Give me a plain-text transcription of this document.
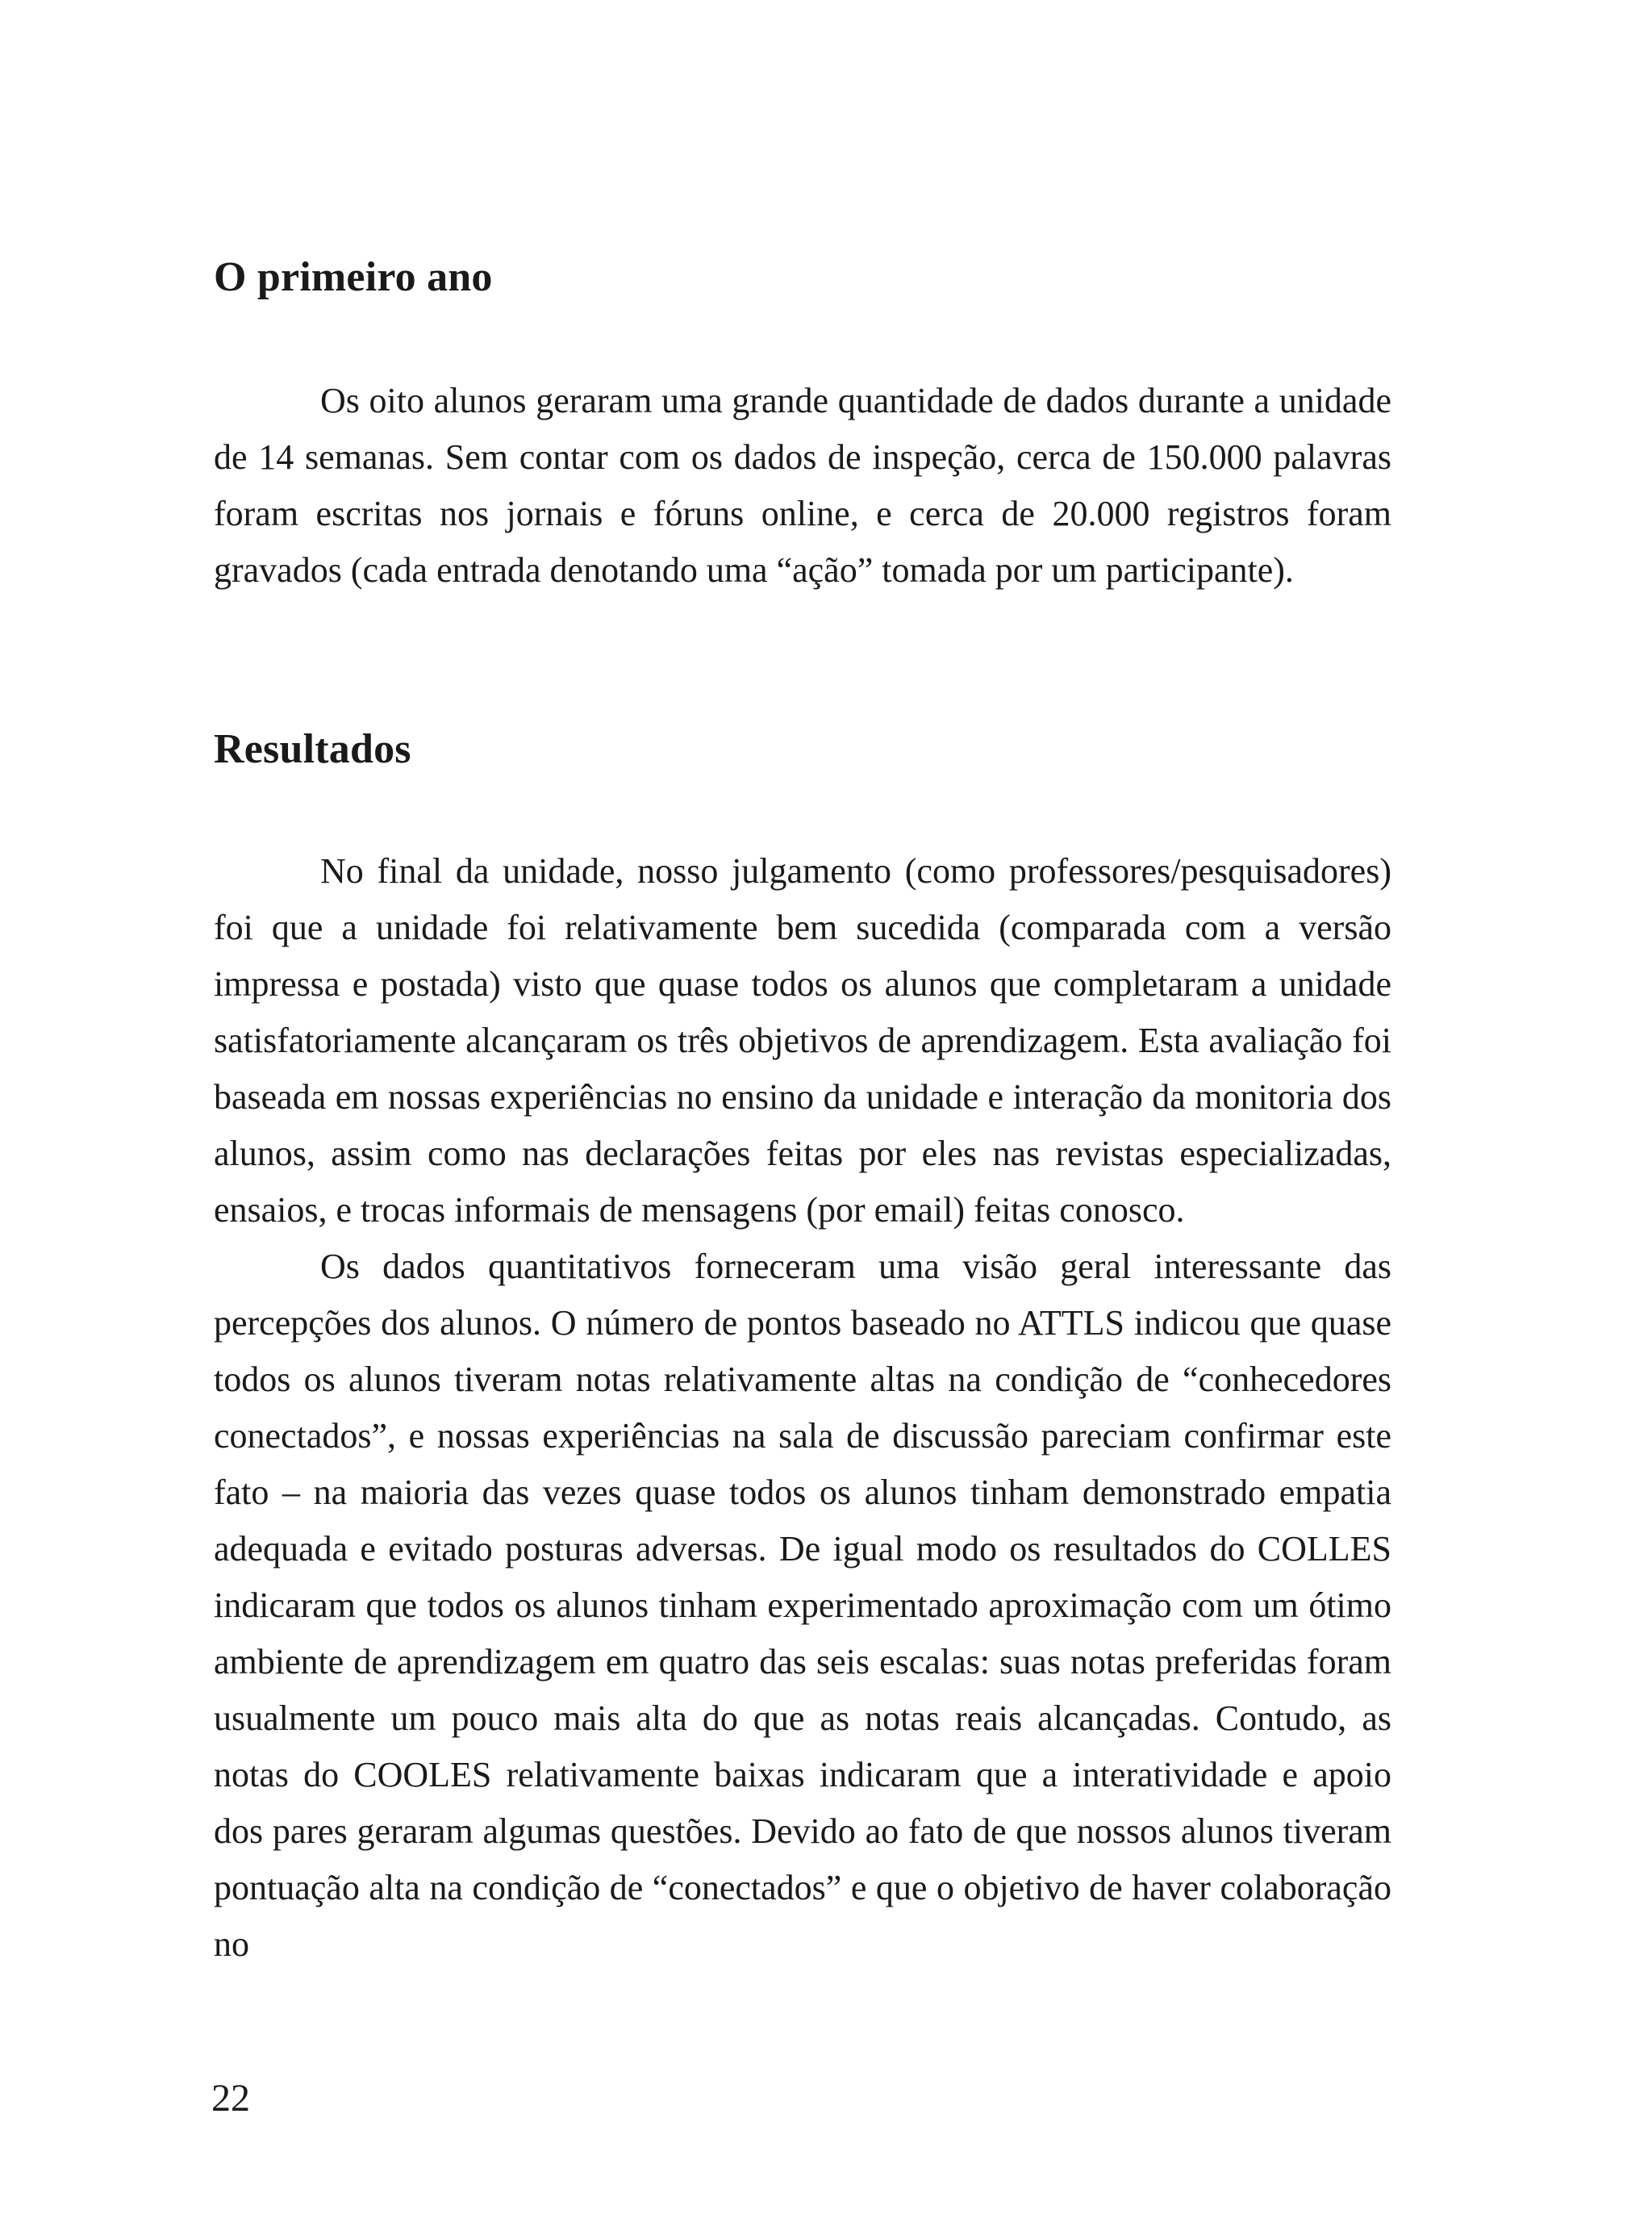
O primeiro ano

Os oito alunos geraram uma grande quantidade de dados durante a unidade de 14 semanas. Sem contar com os dados de inspeção, cerca de 150.000 palavras foram escritas nos jornais e fóruns online, e cerca de 20.000 registros foram gravados (cada entrada denotando uma “ação” tomada por um participante).

Resultados

No final da unidade, nosso julgamento (como professores/pesquisadores) foi que a unidade foi relativamente bem sucedida (comparada com a versão impressa e postada) visto que quase todos os alunos que completaram a unidade satisfatoriamente alcançaram os três objetivos de aprendizagem. Esta avaliação foi baseada em nossas experiências no ensino da unidade e interação da monitoria dos alunos, assim como nas declarações feitas por eles nas revistas especializadas, ensaios, e trocas informais de mensagens (por email) feitas conosco.

Os dados quantitativos forneceram uma visão geral interessante das percepções dos alunos. O número de pontos baseado no ATTLS indicou que quase todos os alunos tiveram notas relativamente altas na condição de “conhecedores conectados”, e nossas experiências na sala de discussão pareciam confirmar este fato – na maioria das vezes quase todos os alunos tinham demonstrado empatia adequada e evitado posturas adversas. De igual modo os resultados do COLLES indicaram que todos os alunos tinham experimentado aproximação com um ótimo ambiente de aprendizagem em quatro das seis escalas: suas notas preferidas foram usualmente um pouco mais alta do que as notas reais alcançadas. Contudo, as notas do COOLES relativamente baixas indicaram que a interatividade e apoio dos pares geraram algumas questões. Devido ao fato de que nossos alunos tiveram pontuação alta na condição de “conectados” e que o objetivo de haver colaboração no

22
